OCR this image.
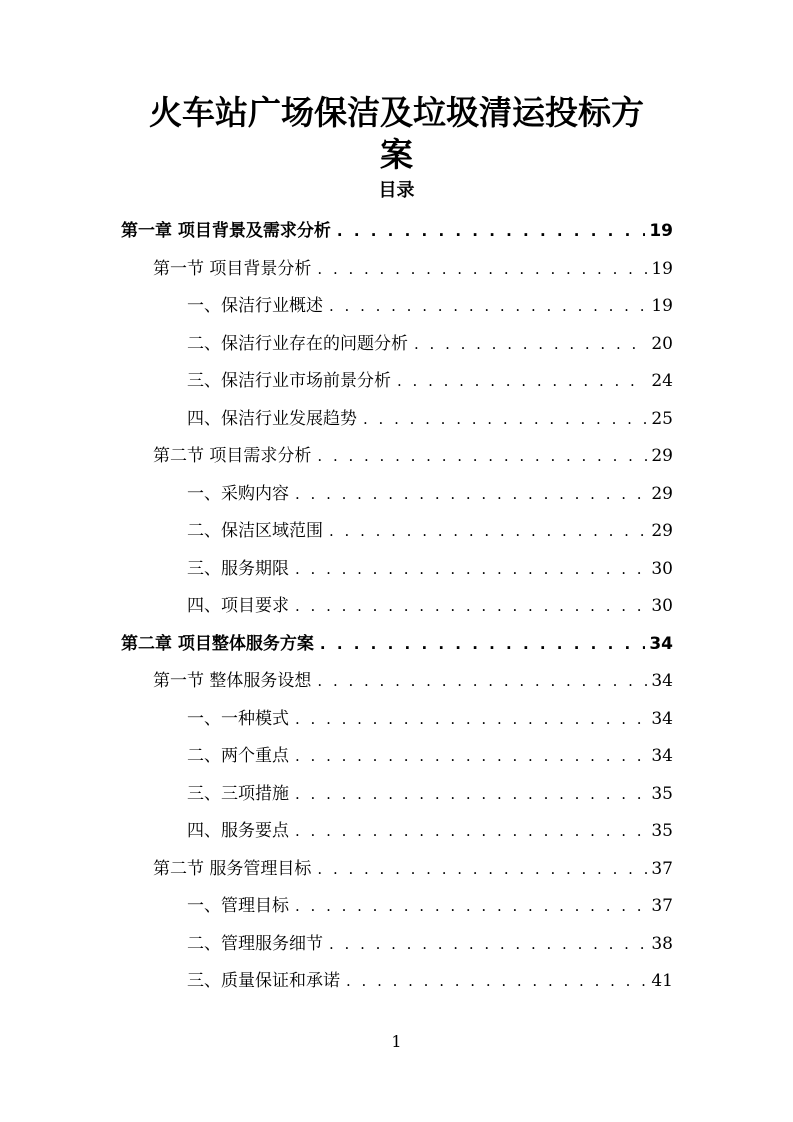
火车站广场保洁及垃圾清运投标方
案
目录
第一章 项目背景及需求分析 . . .	19
第一节 项目背景分析 . . .	19
一、保洁行业概述 . . .	19
二、保洁行业存在的问题分析 . . .	20
三、保洁行业市场前景分析 . . .	24
四、保洁行业发展趋势 . . .	25
第二节 项目需求分析 . . .	29
一、采购内容 . . .	29
二、保洁区域范围 . . .	29
三、服务期限 . . .	30
四、项目要求 . . .	30
第二章 项目整体服务方案 . . .	34
第一节 整体服务设想 . . .	34
一、一种模式 . . .	34
二、两个重点 . . .	34
三、三项措施 . . .	35
四、服务要点 . . .	35
第二节 服务管理目标 . . .	37
一、管理目标 . . .	37
二、管理服务细节 . . .	38
三、质量保证和承诺 . . .	41
1
